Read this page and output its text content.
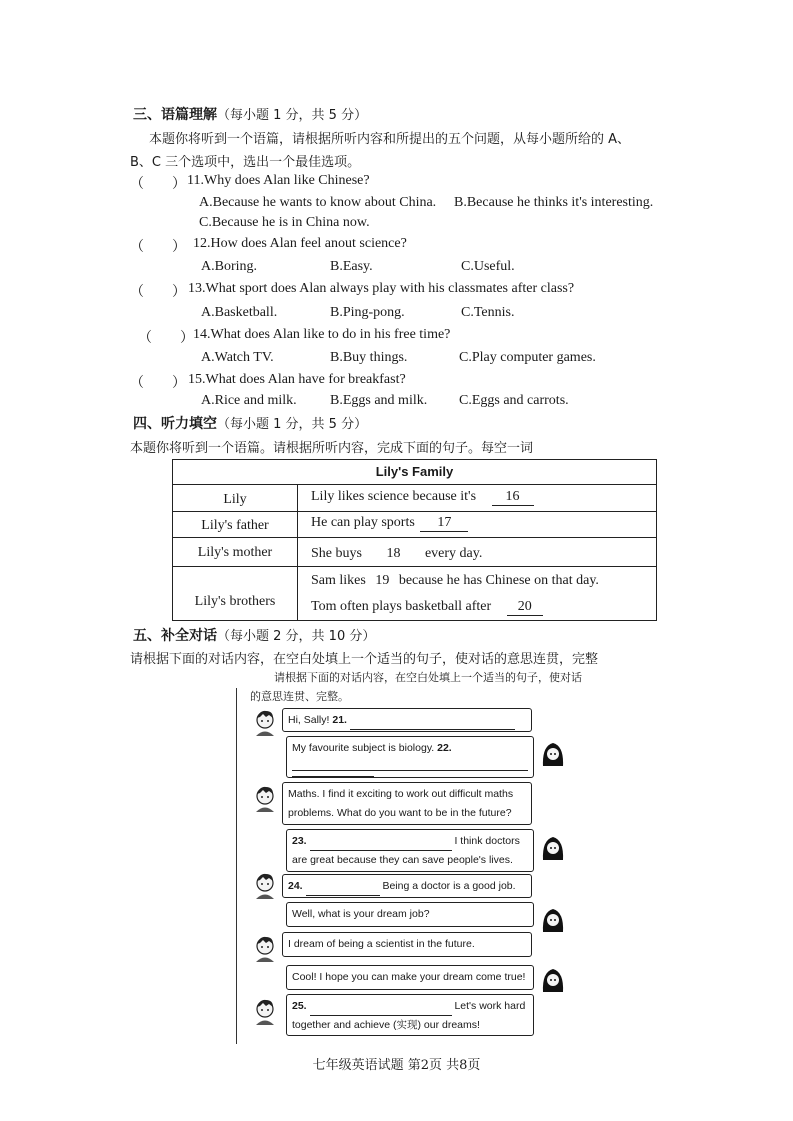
三、语篇理解（每小题 1 分，共 5 分）
本题你将听到一个语篇，请根据所听内容和所提出的五个问题，从每小题所给的 A、
B、C 三个选项中，选出一个最佳选项。
（　　） 11.Why does Alan like Chinese?
A.Because he wants to know about China. B.Because he thinks it's interesting.
C.Because he is in China now.
（　　） 12.How does Alan feel anout science?
A.Boring.	B.Easy.	C.Useful.
（　　） 13.What sport does Alan always play with his classmates after class?
A.Basketball.	B.Ping-pong.	C.Tennis.
（　　） 14.What does Alan like to do in his free time?
A.Watch TV.	B.Buy things.	C.Play computer games.
（　　） 15.What does Alan have for breakfast?
A.Rice and milk. B.Eggs and milk. C.Eggs and carrots.
四、听力填空（每小题 1 分，共 5 分）
本题你将听到一个语篇。请根据所听内容，完成下面的句子。每空一词
Lily's Family
Lily	Lily likes science because it's 16
Lily's father	He can play sports 17
Lily's mother	She buys 18 every day.
Lily's brothers
Sam likes 19 because he has Chinese on that day.
Tom often plays basketball after 20
五、补全对话（每小题 2 分，共 10 分）
请根据下面的对话内容，在空白处填上一个适当的句子，使对话的意思连贯，完整
请根据下面的对话内容，在空白处填上一个适当的句子，使对话
的意思连贯、完整。
Hi, Sally! 21.
My favourite subject is biology. 22.
Maths. I find it exciting to work out difficult maths
problems. What do you want to be in the future?
23.	I think doctors
are great because they can save people's lives.
24.	Being a doctor is a good job.
Well, what is your dream job?
I dream of being a scientist in the future.
Cool! I hope you can make your dream come true!
25.	Let's work hard
together and achieve (实现) our dreams!
七年级英语试题 第2页 共8页
